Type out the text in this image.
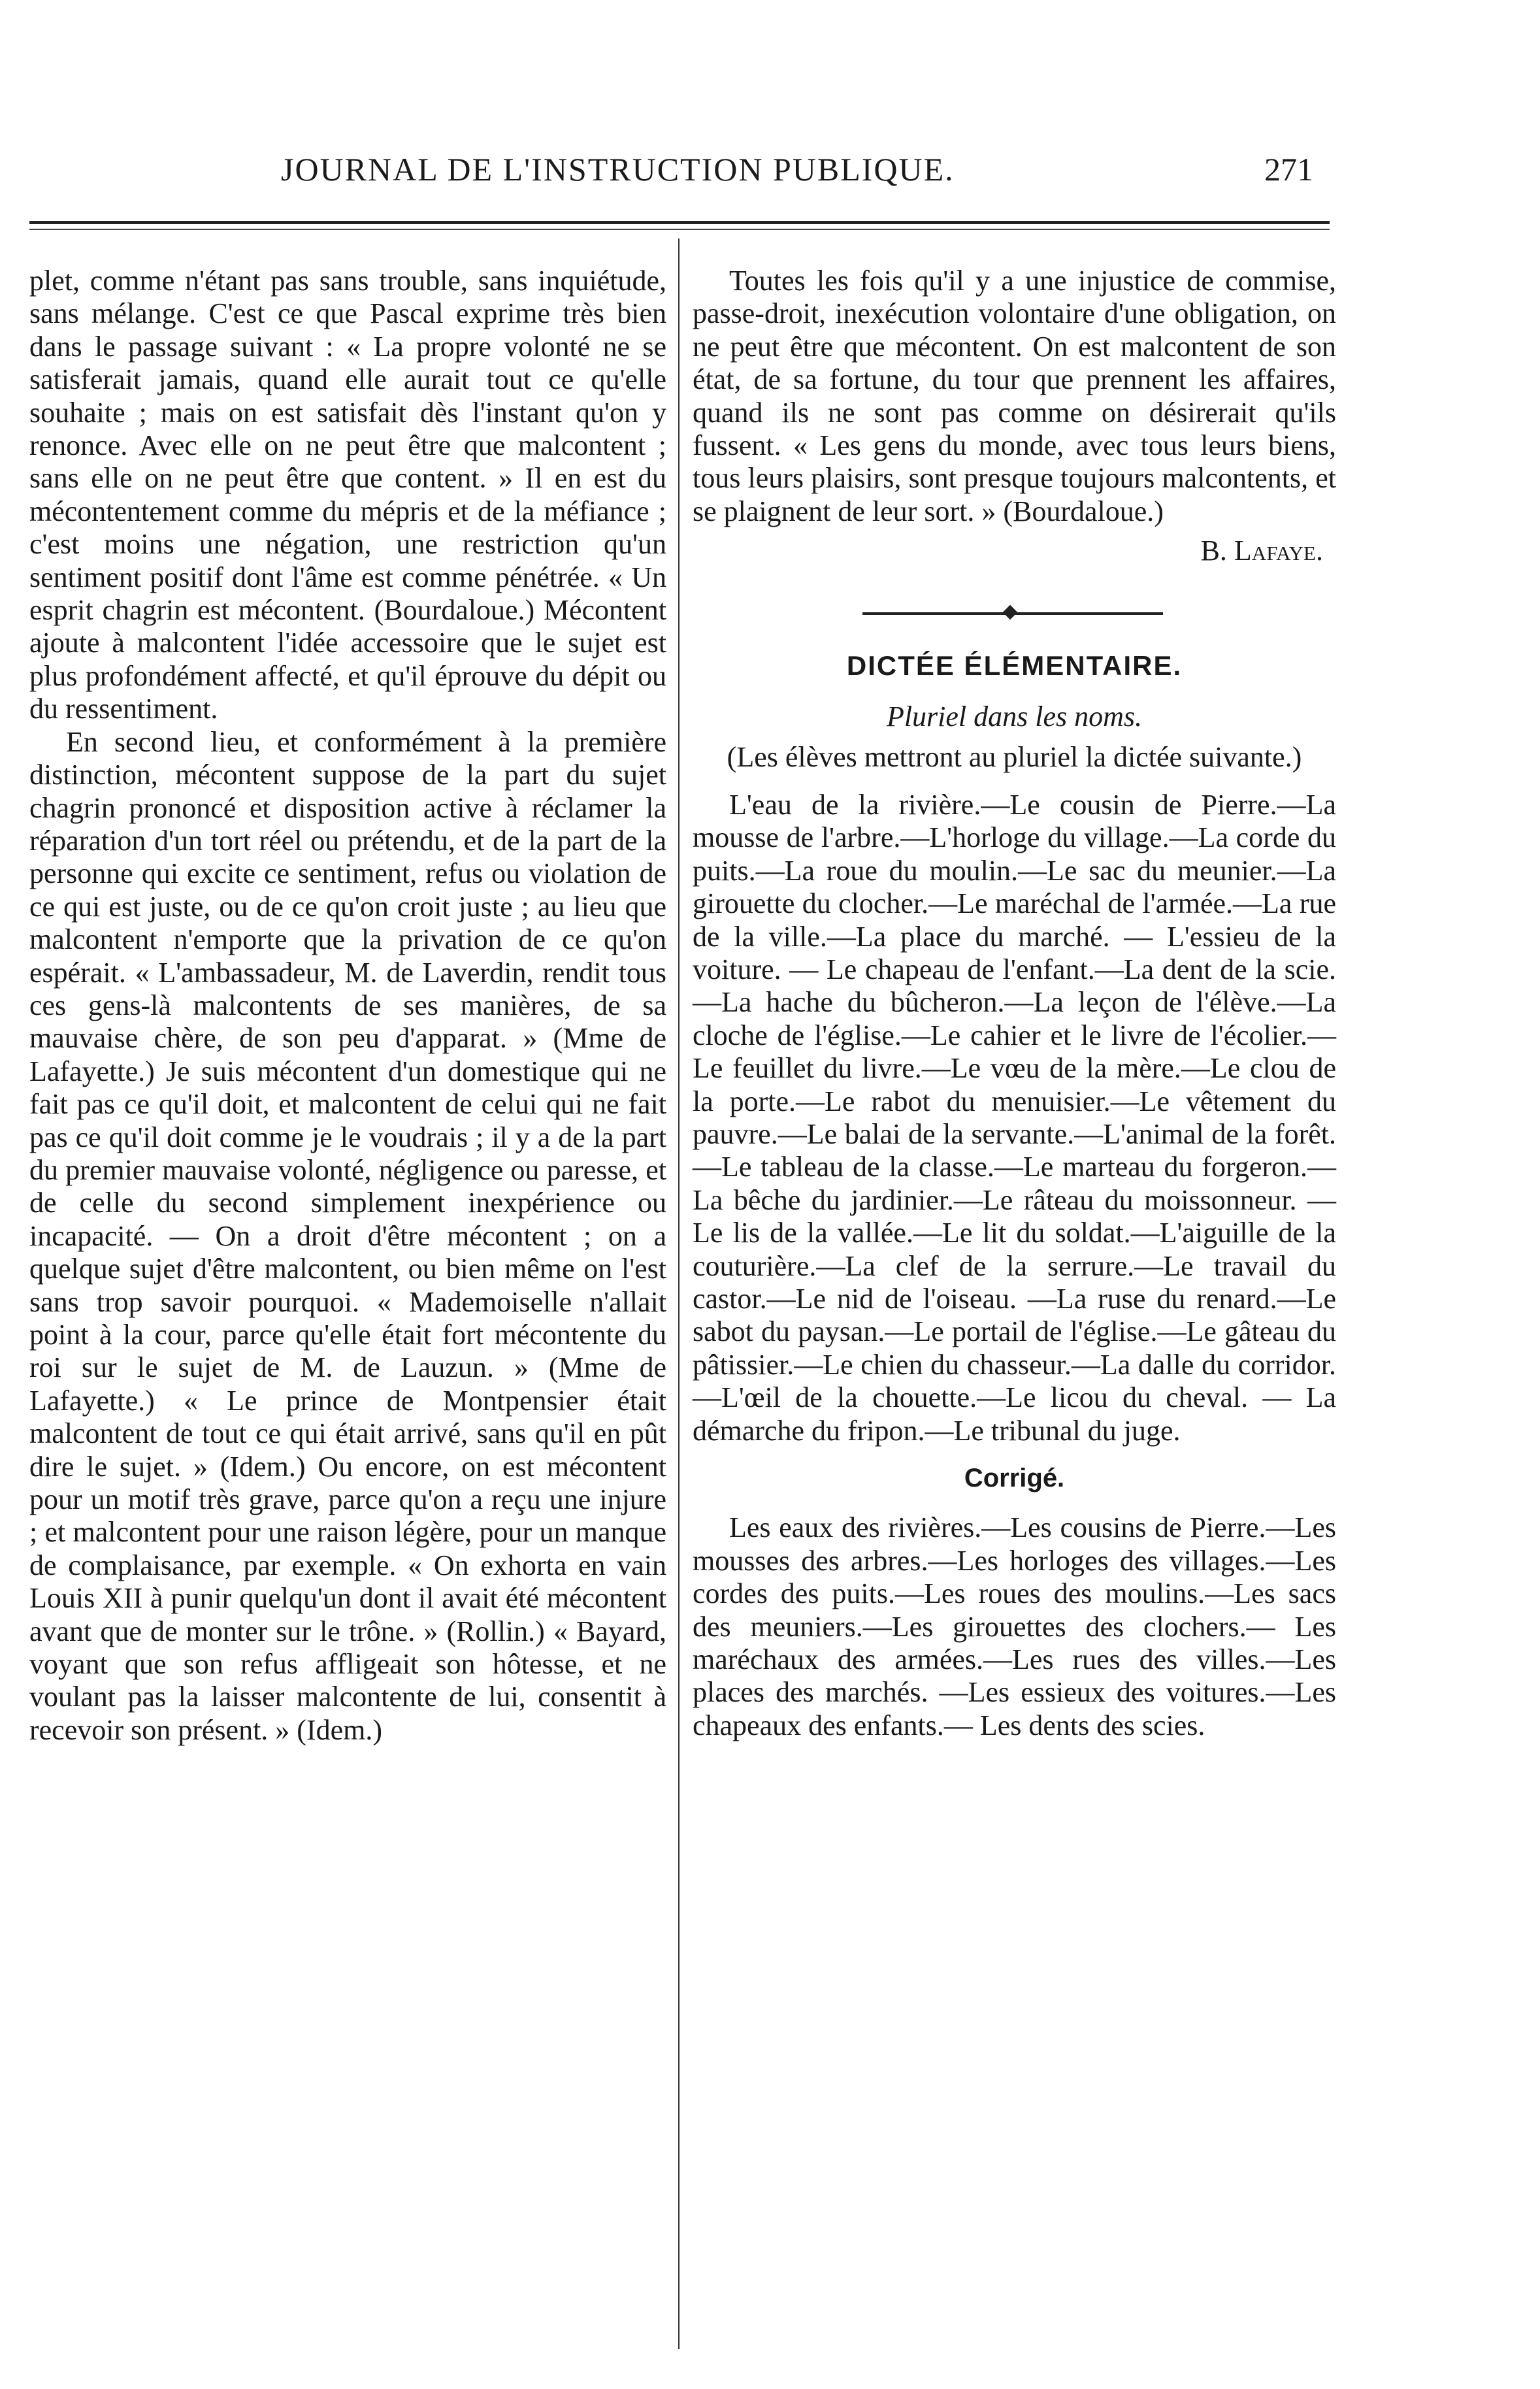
JOURNAL DE L'INSTRUCTION PUBLIQUE.	271

plet, comme n'étant pas sans trouble, sans inquiétude, sans mélange. C'est ce que Pascal exprime très bien dans le passage suivant : « La propre volonté ne se satisferait jamais, quand elle aurait tout ce qu'elle souhaite ; mais on est satisfait dès l'instant qu'on y renonce. Avec elle on ne peut être que malcontent ; sans elle on ne peut être que content. » Il en est du mécontentement comme du mépris et de la méfiance ; c'est moins une négation, une restriction qu'un sentiment positif dont l'âme est comme pénétrée. « Un esprit chagrin est mécontent. (Bourdaloue.) Mécontent ajoute à malcontent l'idée accessoire que le sujet est plus profondément affecté, et qu'il éprouve du dépit ou du ressentiment.

En second lieu, et conformément à la première distinction, mécontent suppose de la part du sujet chagrin prononcé et disposition active à réclamer la réparation d'un tort réel ou prétendu, et de la part de la personne qui excite ce sentiment, refus ou violation de ce qui est juste, ou de ce qu'on croit juste ; au lieu que malcontent n'emporte que la privation de ce qu'on espérait. « L'ambassadeur, M. de Laverdin, rendit tous ces gens-là malcontents de ses manières, de sa mauvaise chère, de son peu d'apparat. » (Mme de Lafayette.) Je suis mécontent d'un domestique qui ne fait pas ce qu'il doit, et malcontent de celui qui ne fait pas ce qu'il doit comme je le voudrais ; il y a de la part du premier mauvaise volonté, négligence ou paresse, et de celle du second simplement inexpérience ou incapacité. — On a droit d'être mécontent ; on a quelque sujet d'être malcontent, ou bien même on l'est sans trop savoir pourquoi. « Mademoiselle n'allait point à la cour, parce qu'elle était fort mécontente du roi sur le sujet de M. de Lauzun. » (Mme de Lafayette.) « Le prince de Montpensier était malcontent de tout ce qui était arrivé, sans qu'il en pût dire le sujet. » (Idem.) Ou encore, on est mécontent pour un motif très grave, parce qu'on a reçu une injure ; et malcontent pour une raison légère, pour un manque de complaisance, par exemple. « On exhorta en vain Louis XII à punir quelqu'un dont il avait été mécontent avant que de monter sur le trône. » (Rollin.) « Bayard, voyant que son refus affligeait son hôtesse, et ne voulant pas la laisser malcontente de lui, consentit à recevoir son présent. » (Idem.)

Toutes les fois qu'il y a une injustice de commise, passe-droit, inexécution volontaire d'une obligation, on ne peut être que mécontent. On est malcontent de son état, de sa fortune, du tour que prennent les affaires, quand ils ne sont pas comme on désirerait qu'ils fussent. « Les gens du monde, avec tous leurs biens, tous leurs plaisirs, sont presque toujours malcontents, et se plaignent de leur sort. » (Bourdaloue.)

B. Lafaye.

DICTÉE ÉLÉMENTAIRE.

Pluriel dans les noms.

(Les élèves mettront au pluriel la dictée suivante.)

L'eau de la rivière.—Le cousin de Pierre.—La mousse de l'arbre.—L'horloge du village.—La corde du puits.—La roue du moulin.—Le sac du meunier.—La girouette du clocher.—Le maréchal de l'armée.—La rue de la ville.—La place du marché. — L'essieu de la voiture. — Le chapeau de l'enfant.—La dent de la scie. —La hache du bûcheron.—La leçon de l'élève.—La cloche de l'église.—Le cahier et le livre de l'écolier.—Le feuillet du livre.—Le vœu de la mère.—Le clou de la porte.—Le rabot du menuisier.—Le vêtement du pauvre.—Le balai de la servante.—L'animal de la forêt.—Le tableau de la classe.—Le marteau du forgeron.—La bêche du jardinier.—Le râteau du moissonneur. — Le lis de la vallée.—Le lit du soldat.—L'aiguille de la couturière.—La clef de la serrure.—Le travail du castor.—Le nid de l'oiseau. —La ruse du renard.—Le sabot du paysan.—Le portail de l'église.—Le gâteau du pâtissier.—Le chien du chasseur.—La dalle du corridor. —L'œil de la chouette.—Le licou du cheval. — La démarche du fripon.—Le tribunal du juge.

Corrigé.

Les eaux des rivières.—Les cousins de Pierre.—Les mousses des arbres.—Les horloges des villages.—Les cordes des puits.—Les roues des moulins.—Les sacs des meuniers.—Les girouettes des clochers.— Les maréchaux des armées.—Les rues des villes.—Les places des marchés. —Les essieux des voitures.—Les chapeaux des enfants.— Les dents des scies.
